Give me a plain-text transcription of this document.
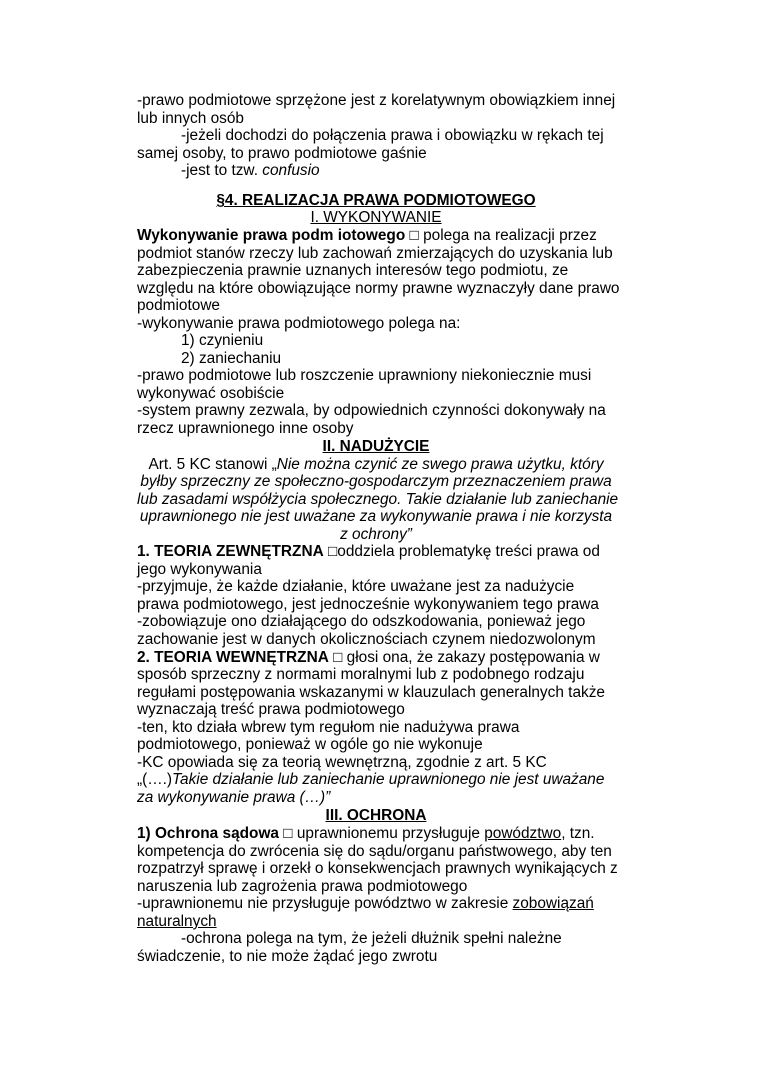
-prawo podmiotowe sprzężone jest z korelatywnym obowiązkiem innej
lub innych osób
-jeżeli dochodzi do połączenia prawa i obowiązku w rękach tej
samej osoby, to prawo podmiotowe gaśnie
-jest to tzw. confusio
§4. REALIZACJA PRAWA PODMIOTOWEGO
I. WYKONYWANIE
Wykonywanie prawa podm iotowego □ polega na realizacji przez
podmiot stanów rzeczy lub zachowań zmierzających do uzyskania lub
zabezpieczenia prawnie uznanych interesów tego podmiotu, ze
względu na które obowiązujące normy prawne wyznaczyły dane prawo
podmiotowe
-wykonywanie prawa podmiotowego polega na:
1) czynieniu
2) zaniechaniu
-prawo podmiotowe lub roszczenie uprawniony niekoniecznie musi
wykonywać osobiście
-system prawny zezwala, by odpowiednich czynności dokonywały na
rzecz uprawnionego inne osoby
II. NADUŻYCIE
Art. 5 KC stanowi „Nie można czynić ze swego prawa użytku, który
byłby sprzeczny ze społeczno-gospodarczym przeznaczeniem prawa
lub zasadami współżycia społecznego. Takie działanie lub zaniechanie
uprawnionego nie jest uważane za wykonywanie prawa i nie korzysta
z ochrony”
1. TEORIA ZEWNĘTRZNA □oddziela problematykę treści prawa od
jego wykonywania
-przyjmuje, że każde działanie, które uważane jest za nadużycie
prawa podmiotowego, jest jednocześnie wykonywaniem tego prawa
-zobowiązuje ono działającego do odszkodowania, ponieważ jego
zachowanie jest w danych okolicznościach czynem niedozwolonym
2. TEORIA WEWNĘTRZNA □ głosi ona, że zakazy postępowania w
sposób sprzeczny z normami moralnymi lub z podobnego rodzaju
regułami postępowania wskazanymi w klauzulach generalnych także
wyznaczają treść prawa podmiotowego
-ten, kto działa wbrew tym regułom nie nadużywa prawa
podmiotowego, ponieważ w ogóle go nie wykonuje
-KC opowiada się za teorią wewnętrzną, zgodnie z art. 5 KC
„(….)Takie działanie lub zaniechanie uprawnionego nie jest uważane
za wykonywanie prawa (…)”
III. OCHRONA
1) Ochrona sądowa □ uprawnionemu przysługuje powództwo, tzn.
kompetencja do zwrócenia się do sądu/organu państwowego, aby ten
rozpatrzył sprawę i orzekł o konsekwencjach prawnych wynikających z
naruszenia lub zagrożenia prawa podmiotowego
-uprawnionemu nie przysługuje powództwo w zakresie zobowiązań
naturalnych
-ochrona polega na tym, że jeżeli dłużnik spełni należne
świadczenie, to nie może żądać jego zwrotu
